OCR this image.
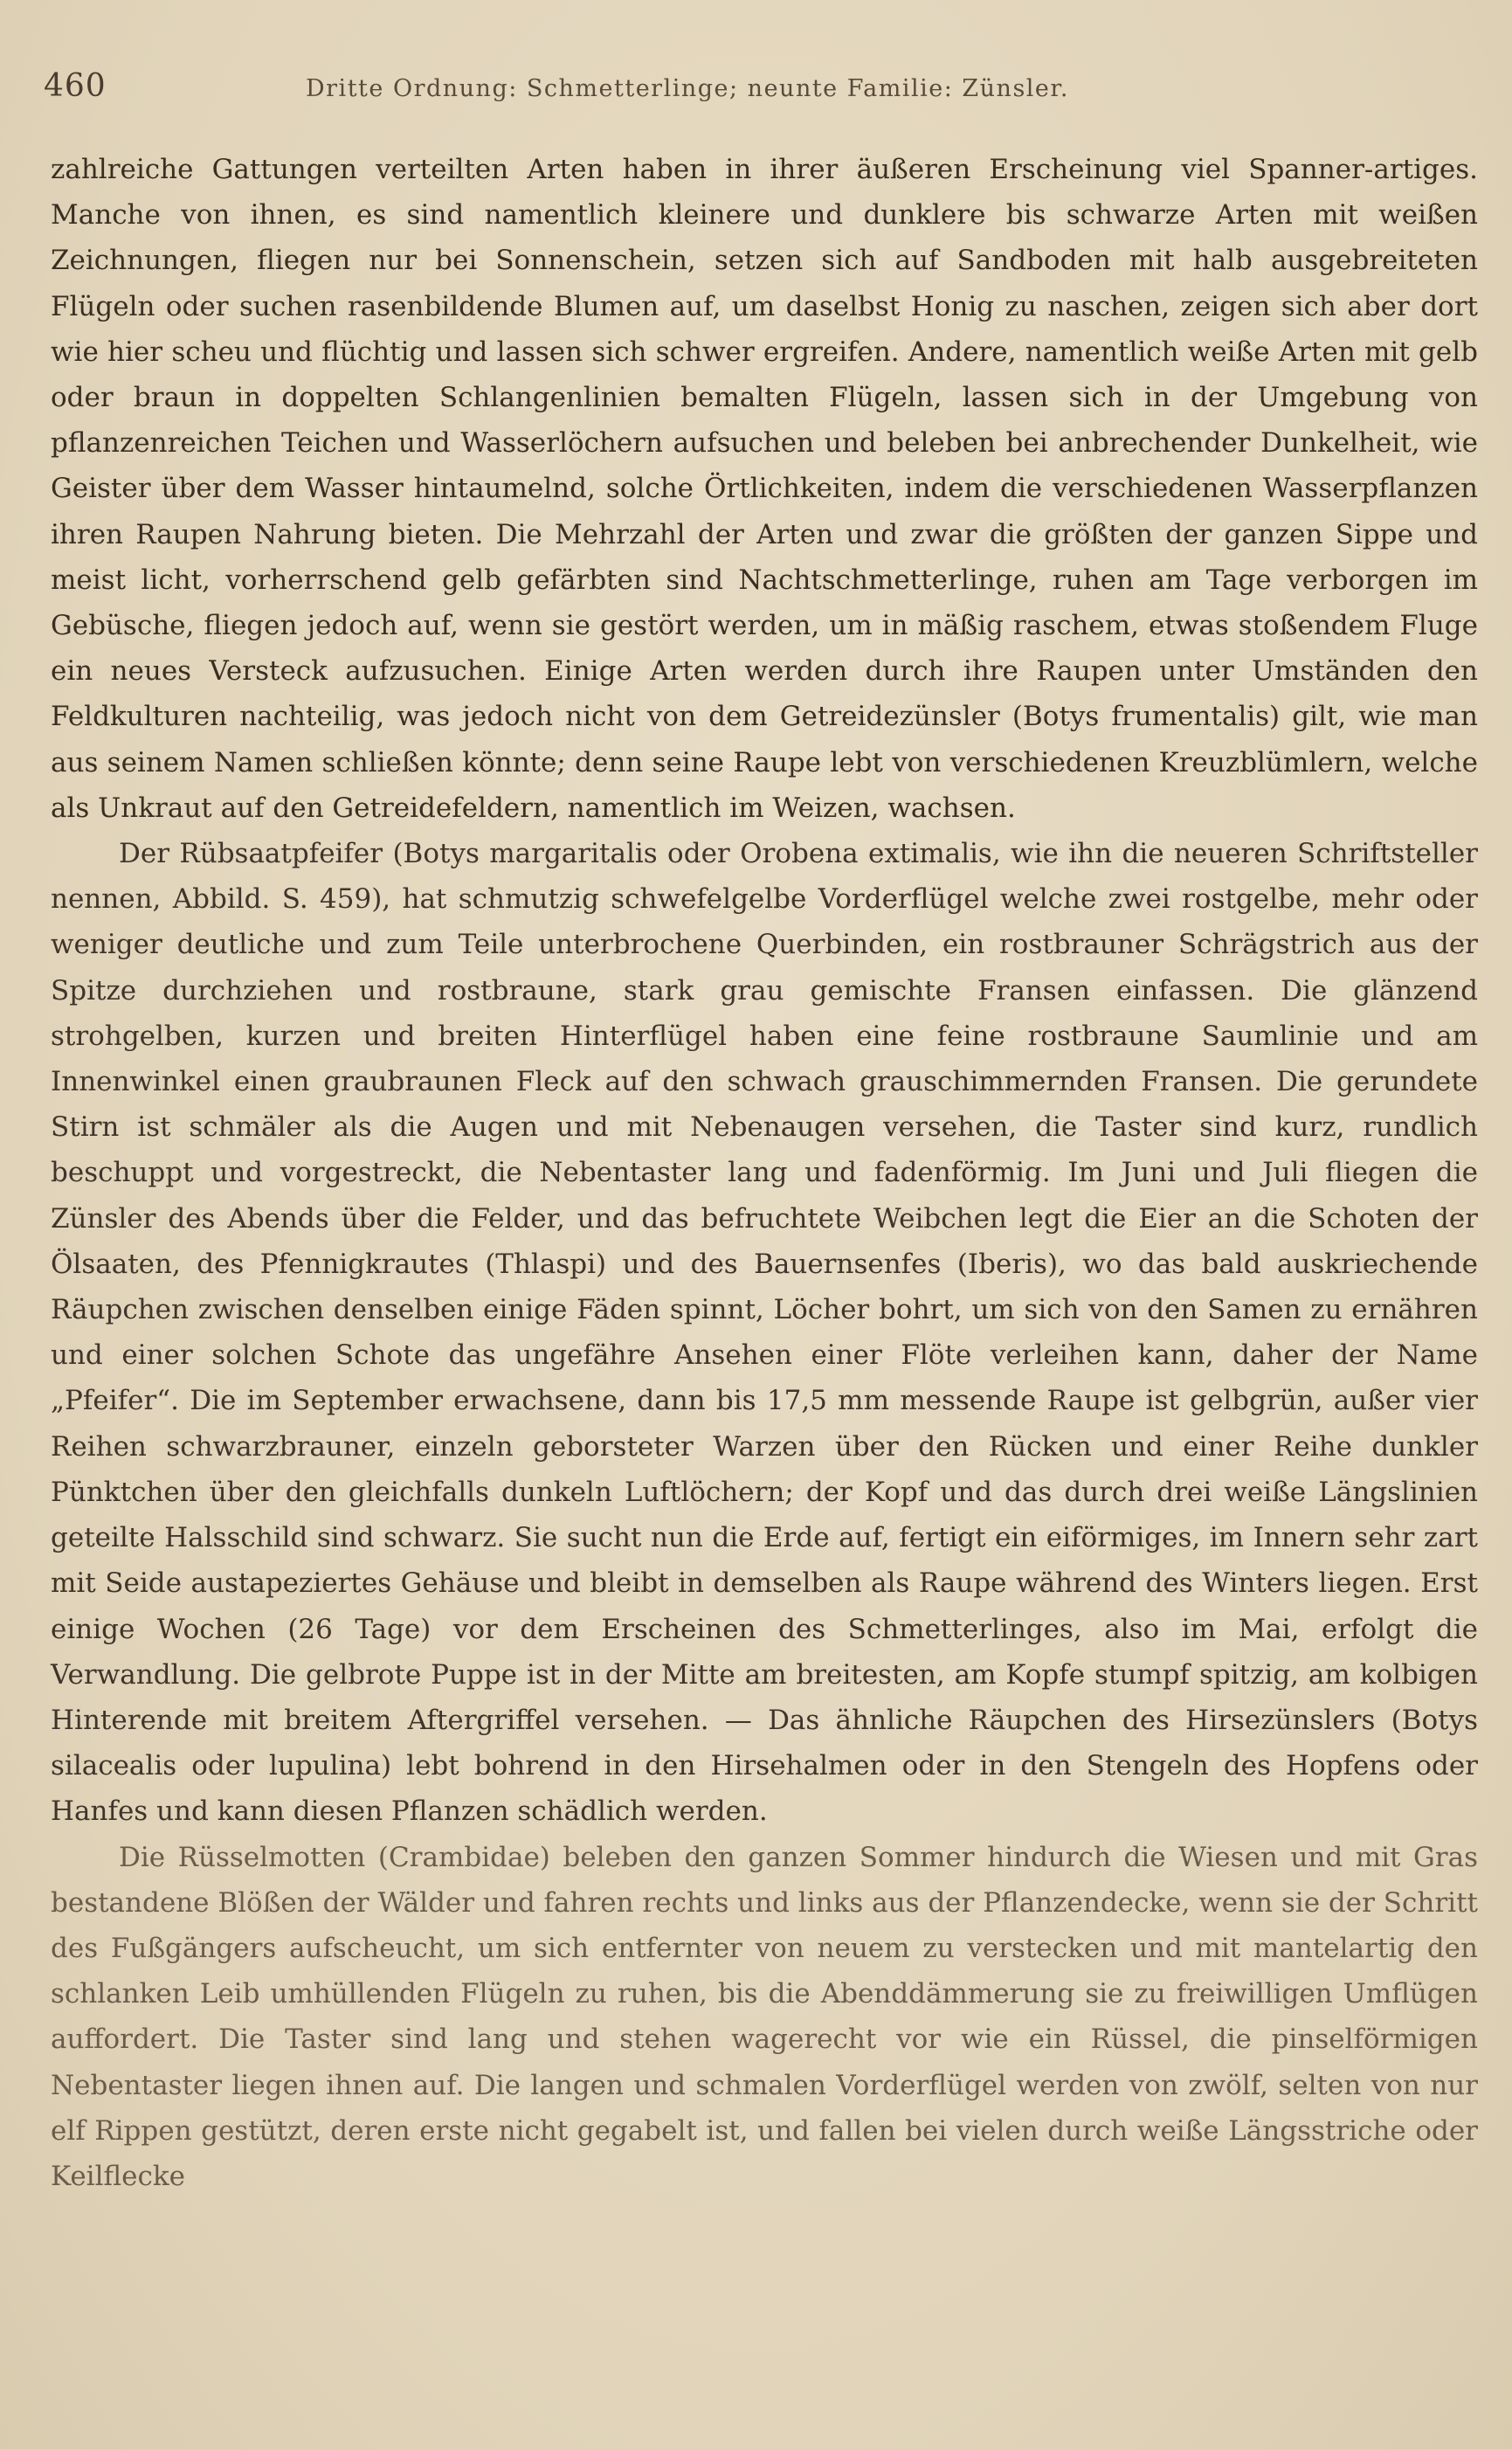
460	Dritte Ordnung: Schmetterlinge; neunte Familie: Zünsler.

zahlreiche Gattungen verteilten Arten haben in ihrer äußeren Erscheinung viel Spanner-artiges. Manche von ihnen, es sind namentlich kleinere und dunklere bis schwarze Arten mit weißen Zeichnungen, fliegen nur bei Sonnenschein, setzen sich auf Sandboden mit halb ausgebreiteten Flügeln oder suchen rasenbildende Blumen auf, um daselbst Honig zu naschen, zeigen sich aber dort wie hier scheu und flüchtig und lassen sich schwer ergreifen. Andere, namentlich weiße Arten mit gelb oder braun in doppelten Schlangenlinien bemalten Flügeln, lassen sich in der Umgebung von pflanzenreichen Teichen und Wasserlöchern aufsuchen und beleben bei anbrechender Dunkelheit, wie Geister über dem Wasser hintaumelnd, solche Örtlichkeiten, indem die verschiedenen Wasserpflanzen ihren Raupen Nahrung bieten. Die Mehrzahl der Arten und zwar die größten der ganzen Sippe und meist licht, vorherrschend gelb gefärbten sind Nachtschmetterlinge, ruhen am Tage verborgen im Gebüsche, fliegen jedoch auf, wenn sie gestört werden, um in mäßig raschem, etwas stoßendem Fluge ein neues Versteck aufzusuchen. Einige Arten werden durch ihre Raupen unter Umständen den Feldkulturen nachteilig, was jedoch nicht von dem Getreidezünsler (Botys frumentalis) gilt, wie man aus seinem Namen schließen könnte; denn seine Raupe lebt von verschiedenen Kreuzblümlern, welche als Unkraut auf den Getreidefeldern, namentlich im Weizen, wachsen.

Der Rübsaatpfeifer (Botys margaritalis oder Orobena extimalis, wie ihn die neueren Schriftsteller nennen, Abbild. S. 459), hat schmutzig schwefelgelbe Vorderflügel welche zwei rostgelbe, mehr oder weniger deutliche und zum Teile unterbrochene Querbinden, ein rostbrauner Schrägstrich aus der Spitze durchziehen und rostbraune, stark grau gemischte Fransen einfassen. Die glänzend strohgelben, kurzen und breiten Hinterflügel haben eine feine rostbraune Saumlinie und am Innenwinkel einen graubraunen Fleck auf den schwach grauschimmernden Fransen. Die gerundete Stirn ist schmäler als die Augen und mit Nebenaugen versehen, die Taster sind kurz, rundlich beschuppt und vorgestreckt, die Nebentaster lang und fadenförmig. Im Juni und Juli fliegen die Zünsler des Abends über die Felder, und das befruchtete Weibchen legt die Eier an die Schoten der Ölsaaten, des Pfennigkrautes (Thlaspi) und des Bauernsenfes (Iberis), wo das bald auskriechende Räupchen zwischen denselben einige Fäden spinnt, Löcher bohrt, um sich von den Samen zu ernähren und einer solchen Schote das ungefähre Ansehen einer Flöte verleihen kann, daher der Name „Pfeifer“. Die im September erwachsene, dann bis 17,5 mm messende Raupe ist gelbgrün, außer vier Reihen schwarzbrauner, einzeln geborsteter Warzen über den Rücken und einer Reihe dunkler Pünktchen über den gleichfalls dunkeln Luftlöchern; der Kopf und das durch drei weiße Längslinien geteilte Halsschild sind schwarz. Sie sucht nun die Erde auf, fertigt ein eiförmiges, im Innern sehr zart mit Seide austapeziertes Gehäuse und bleibt in demselben als Raupe während des Winters liegen. Erst einige Wochen (26 Tage) vor dem Erscheinen des Schmetterlinges, also im Mai, erfolgt die Verwandlung. Die gelbrote Puppe ist in der Mitte am breitesten, am Kopfe stumpf spitzig, am kolbigen Hinterende mit breitem Aftergriffel versehen. — Das ähnliche Räupchen des Hirsezünslers (Botys silacealis oder lupulina) lebt bohrend in den Hirsehalmen oder in den Stengeln des Hopfens oder Hanfes und kann diesen Pflanzen schädlich werden.

Die Rüsselmotten (Crambidae) beleben den ganzen Sommer hindurch die Wiesen und mit Gras bestandene Blößen der Wälder und fahren rechts und links aus der Pflanzendecke, wenn sie der Schritt des Fußgängers aufscheucht, um sich entfernter von neuem zu verstecken und mit mantelartig den schlanken Leib umhüllenden Flügeln zu ruhen, bis die Abenddämmerung sie zu freiwilligen Umflügen auffordert. Die Taster sind lang und stehen wagerecht vor wie ein Rüssel, die pinselförmigen Nebentaster liegen ihnen auf. Die langen und schmalen Vorderflügel werden von zwölf, selten von nur elf Rippen gestützt, deren erste nicht gegabelt ist, und fallen bei vielen durch weiße Längsstriche oder Keilflecke
